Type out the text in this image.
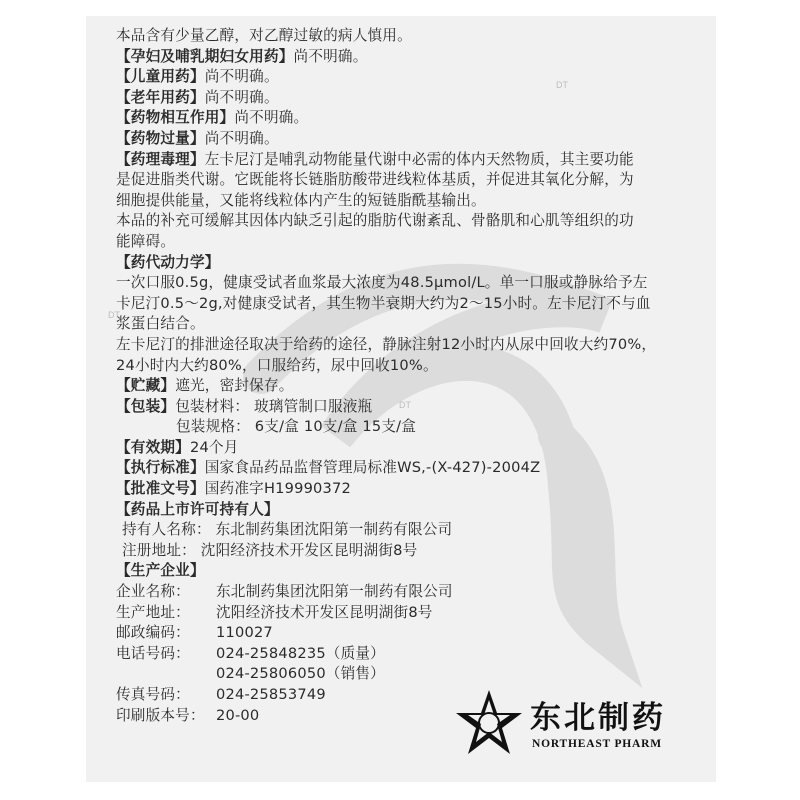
DT
DT
DT
本品含有少量乙醇，对乙醇过敏的病人慎用。
【孕妇及哺乳期妇女用药】尚不明确。
【儿童用药】尚不明确。
【老年用药】尚不明确。
【药物相互作用】尚不明确。
【药物过量】尚不明确。
【药理毒理】左卡尼汀是哺乳动物能量代谢中必需的体内天然物质，其主要功能
是促进脂类代谢。它既能将长链脂肪酸带进线粒体基质，并促进其氧化分解，为
细胞提供能量，又能将线粒体内产生的短链脂酰基输出。
本品的补充可缓解其因体内缺乏引起的脂肪代谢紊乱、骨骼肌和心肌等组织的功
能障碍。
【药代动力学】
一次口服0.5g，健康受试者血浆最大浓度为48.5μmol/L。单一口服或静脉给予左
卡尼汀0.5～2g,对健康受试者，其生物半衰期大约为2～15小时。左卡尼汀不与血
浆蛋白结合。
左卡尼汀的排泄途径取决于给药的途径，静脉注射12小时内从尿中回收大约70%，
24小时内大约80%，口服给药，尿中回收10%。
【贮藏】遮光，密封保存。
【包装】包装材料： 玻璃管制口服液瓶
包装规格： 6支/盒 10支/盒 15支/盒
【有效期】24个月
【执行标准】国家食品药品监督管理局标准WS,-(X-427)-2004Z
【批准文号】国药准字H19990372
【药品上市许可持有人】
持有人名称： 东北制药集团沈阳第一制药有限公司
注册地址： 沈阳经济技术开发区昆明湖街8号
【生产企业】
企业名称：	东北制药集团沈阳第一制药有限公司
生产地址：	沈阳经济技术开发区昆明湖街8号
邮政编码：	110027
电话号码：	024-25848235（质量）
024-25806050（销售）
传真号码：	024-25853749
印刷版本号： 20-00	东北制药
NORTHEAST PHARM
